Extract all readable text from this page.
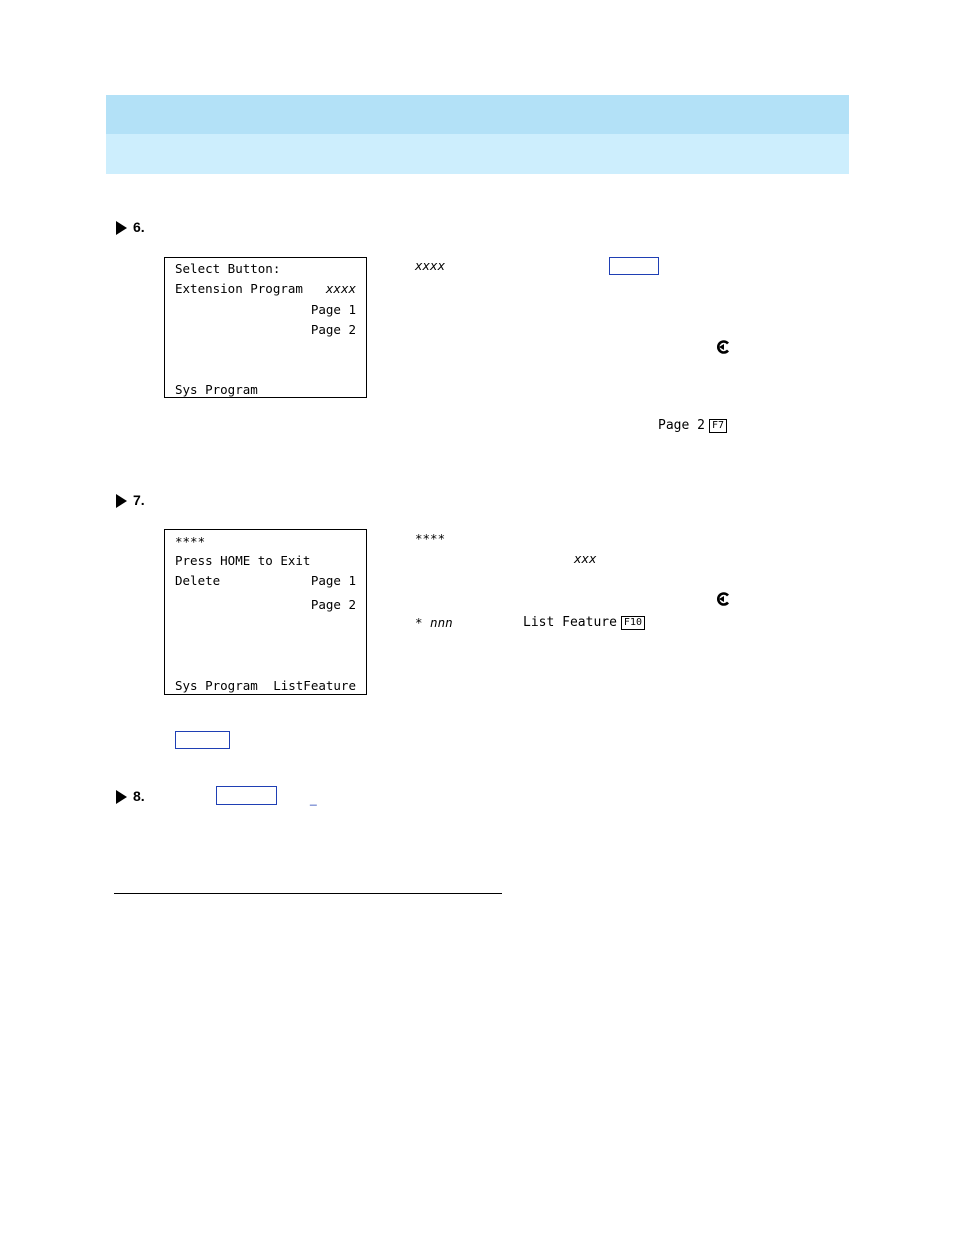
6.
Select Button:
Extension Program xxxx
Page 1
Page 2
Sys Program
xxxx
Page 2 F7
7.
****
Press HOME to Exit
Delete	Page 1
Page 2
Sys Program ListFeature
****
xxx
* nnn	List Feature F10
8.	_
